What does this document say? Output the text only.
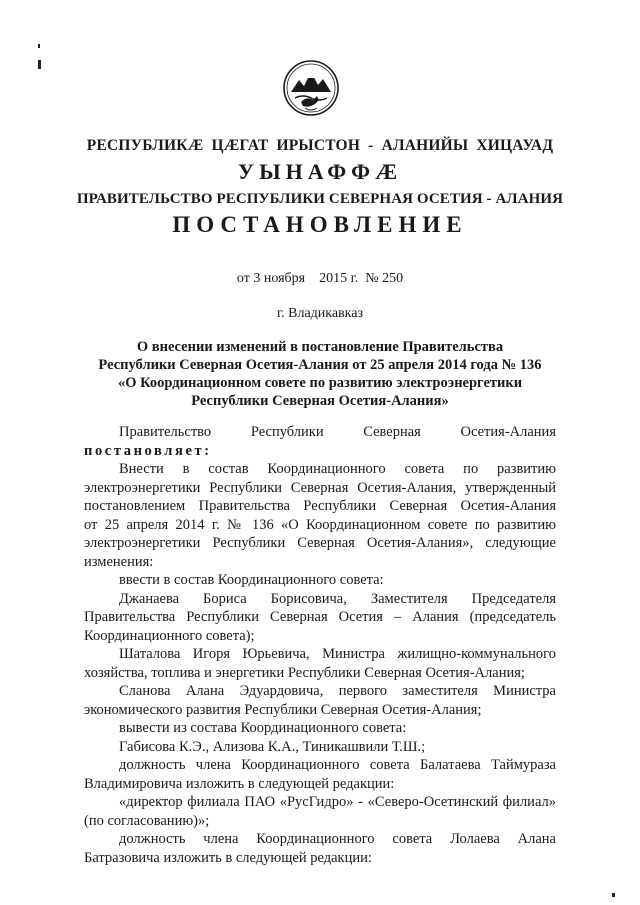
РЕСПУБЛИКӔ ЦӔГАТ ИРЫСТОН - АЛАНИЙЫ ХИЦАУАД
УЫНАФФӔ
ПРАВИТЕЛЬСТВО РЕСПУБЛИКИ СЕВЕРНАЯ ОСЕТИЯ - АЛАНИЯ
ПОСТАНОВЛЕНИЕ
от 3 ноября    2015 г.  № 250
г. Владикавказ
О внесении изменений в постановление Правительства
Республики Северная Осетия-Алания от 25 апреля 2014 года № 136
«О Координационном совете по развитию электроэнергетики
Республики Северная Осетия-Алания»
Правительство Республики Северная Осетия-Алания
постановляет:
Внести в состав Координационного совета по развитию
электроэнергетики Республики Северная Осетия-Алания, утвержденный
постановлением Правительства Республики Северная Осетия-Алания
от 25 апреля 2014 г. № 136 «О Координационном совете по развитию
электроэнергетики Республики Северная Осетия-Алания», следующие
изменения:
ввести в состав Координационного совета:
Джанаева Бориса Борисовича, Заместителя Председателя
Правительства Республики Северная Осетия – Алания (председатель
Координационного совета);
Шаталова Игоря Юрьевича, Министра жилищно-коммунального
хозяйства, топлива и энергетики Республики Северная Осетия-Алания;
Сланова Алана Эдуардовича, первого заместителя Министра
экономического развития Республики Северная Осетия-Алания;
вывести из состава Координационного совета:
Габисова К.Э., Ализова К.А., Тиникашвили Т.Ш.;
должность члена Координационного совета Балатаева Таймураза
Владимировича изложить в следующей редакции:
«директор филиала ПАО «РусГидро» - «Северо-Осетинский филиал»
(по согласованию)»;
должность члена Координационного совета Лолаева Алана
Батразовича изложить в следующей редакции:
